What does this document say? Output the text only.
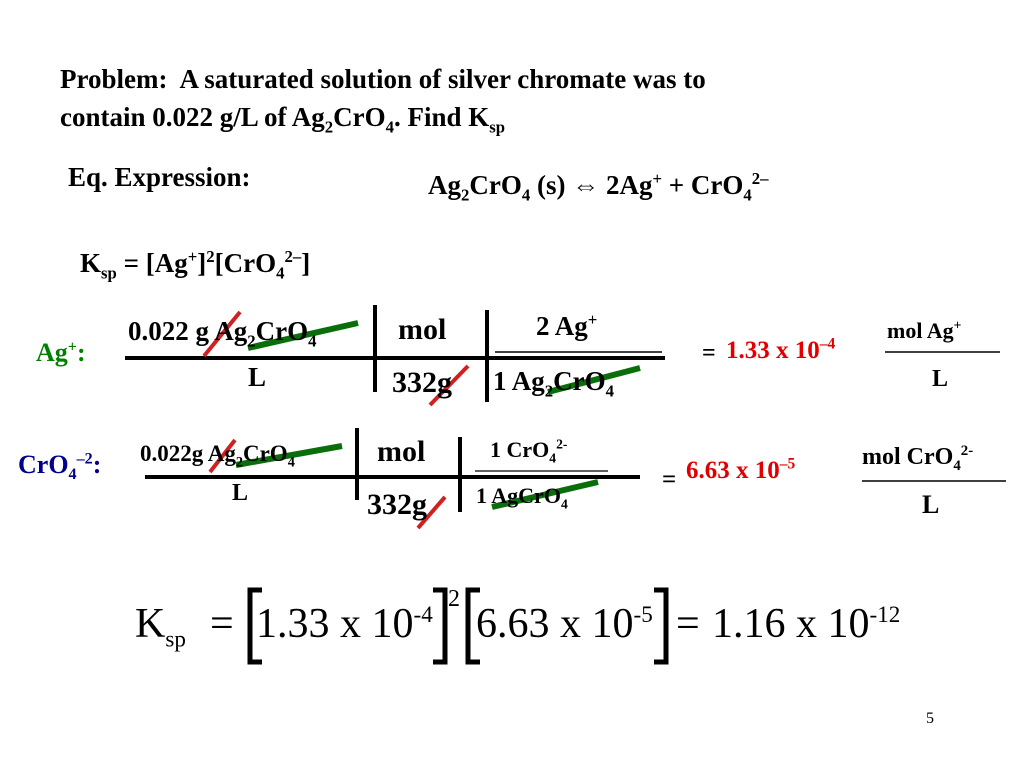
Problem: A saturated solution of silver chromate was to
contain 0.022 g/L of $Ag_2CrO_4$. Find $K_{sp}$
Eq. Expression:	$Ag_2CrO_4$ (s) ⇔ 2Ag+ + CrO$_4^{2-}$
$K_{sp} = [Ag^+]^2[CrO_4^{2-}]$
Ag+:
0.022 g $Ag_2CrO_4$
L
mol
332g
2 Ag+
1 $Ag_2CrO_4$
= 1.33 x $10^{-4}$
mol Ag+
L
CrO$_4^{-2}$: 0.022g $Ag_2CrO_4$
L
mol
332g
1 CrO$_4^{2-}$
1 AgCrO$_4$
= 6.63 x $10^{-5}$	mol CrO$_4^{2-}$
L
$K_{sp} = 1.33$ x $10^{-4}$
2
6.63 x $10^{-5} = 1.16$ x $10^{-12}$
5
